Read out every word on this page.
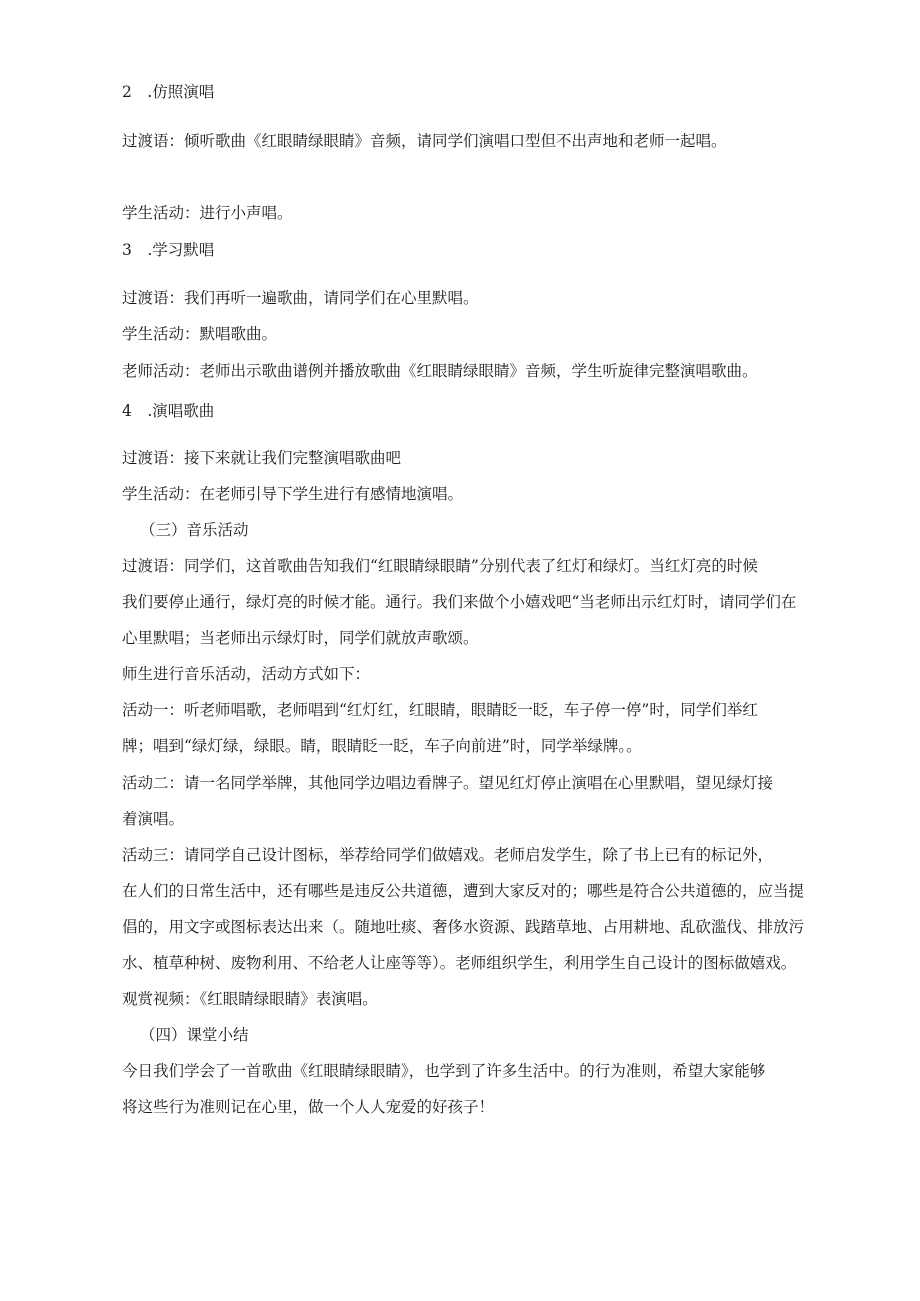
2　.仿照演唱
过渡语：倾听歌曲《红眼睛绿眼睛》音频，请同学们演唱口型但不出声地和老师一起唱。
学生活动：进行小声唱。
3　.学习默唱
过渡语：我们再听一遍歌曲，请同学们在心里默唱。
学生活动：默唱歌曲。
老师活动：老师出示歌曲谱例并播放歌曲《红眼睛绿眼睛》音频，学生听旋律完整演唱歌曲。
4　.演唱歌曲
过渡语：接下来就让我们完整演唱歌曲吧
学生活动：在老师引导下学生进行有感情地演唱。
（三）音乐活动
过渡语：同学们，这首歌曲告知我们“红眼睛绿眼睛”分别代表了红灯和绿灯。当红灯亮的时候
我们要停止通行，绿灯亮的时候才能。通行。我们来做个小嬉戏吧“当老师出示红灯时，请同学们在
心里默唱；当老师出示绿灯时，同学们就放声歌颂。
师生进行音乐活动，活动方式如下：
活动一：听老师唱歌，老师唱到“红灯红，红眼睛，眼睛眨一眨，车子停一停”时，同学们举红
牌；唱到“绿灯绿，绿眼。睛，眼睛眨一眨，车子向前进”时，同学举绿牌。。
活动二：请一名同学举牌，其他同学边唱边看牌子。望见红灯停止演唱在心里默唱，望见绿灯接
着演唱。
活动三：请同学自己设计图标，举荐给同学们做嬉戏。老师启发学生，除了书上已有的标记外，
在人们的日常生活中，还有哪些是违反公共道德，遭到大家反对的；哪些是符合公共道德的，应当提
倡的，用文字或图标表达出来（。随地吐痰、奢侈水资源、践踏草地、占用耕地、乱砍滥伐、排放污
水、植草种树、废物利用、不给老人让座等等）。老师组织学生，利用学生自己设计的图标做嬉戏。
观赏视频：《红眼睛绿眼睛》表演唱。
（四）课堂小结
今日我们学会了一首歌曲《红眼睛绿眼睛》，也学到了许多生活中。的行为准则，希望大家能够
将这些行为准则记在心里，做一个人人宠爱的好孩子！
